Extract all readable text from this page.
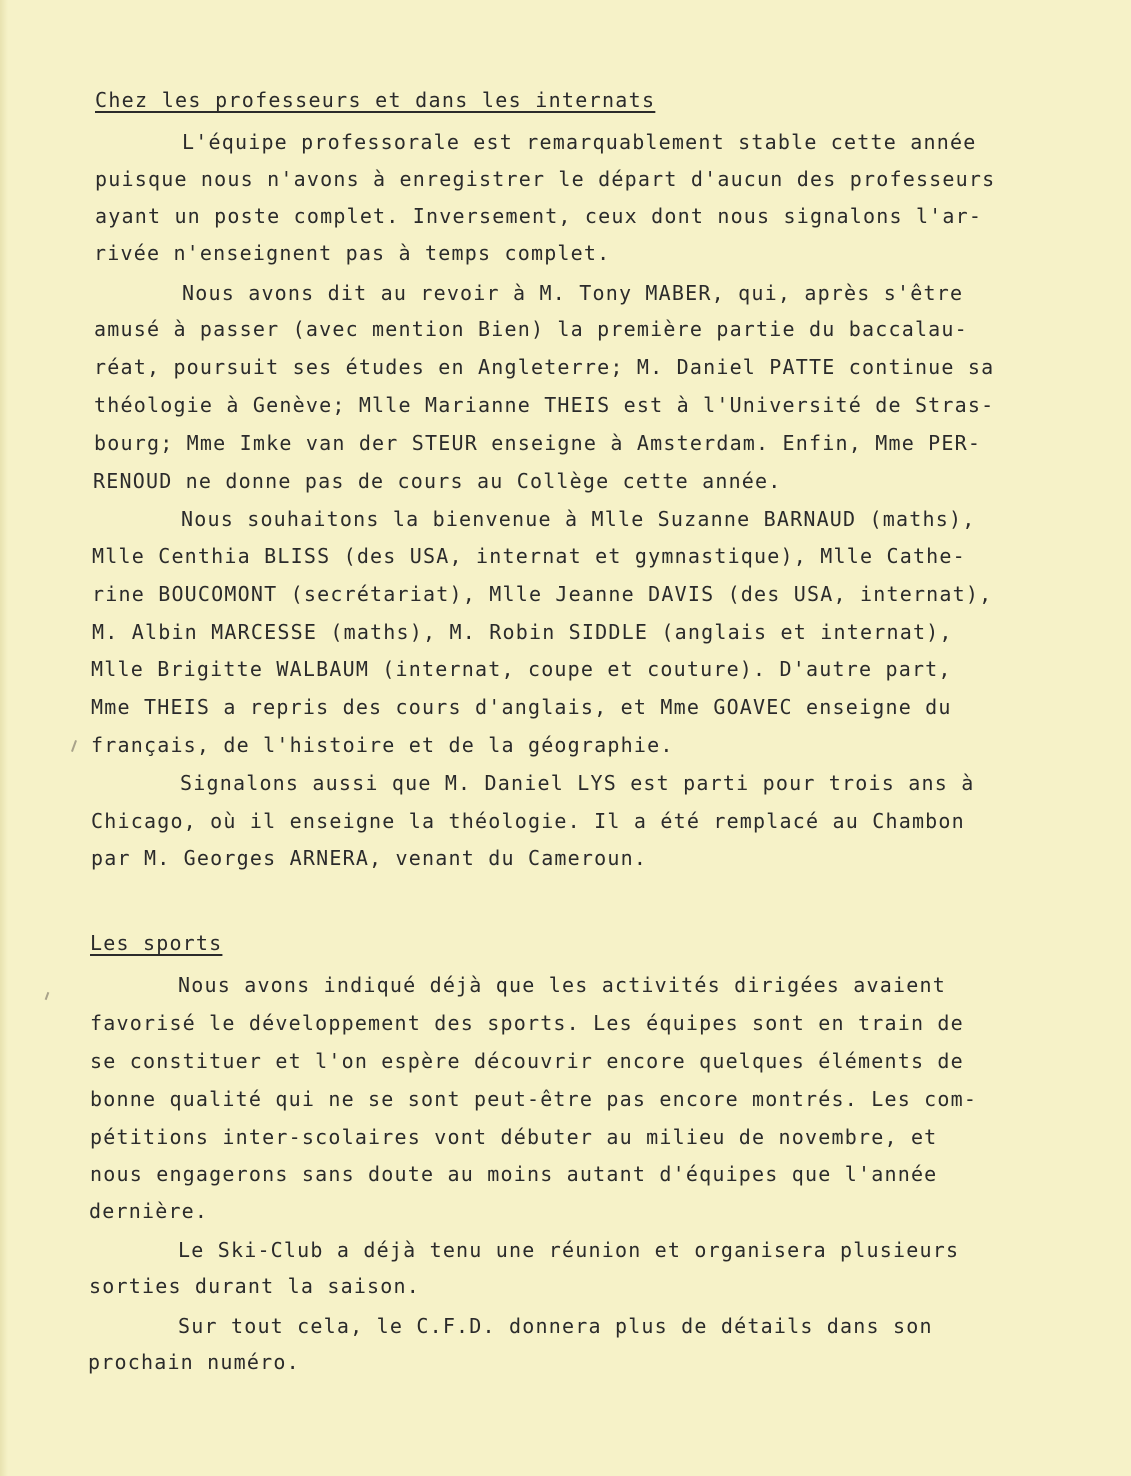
Chez les professeurs et dans les internats
L'équipe professorale est remarquablement stable cette année
puisque nous n'avons à enregistrer le départ d'aucun des professeurs
ayant un poste complet. Inversement, ceux dont nous signalons l'ar-
rivée n'enseignent pas à temps complet.
Nous avons dit au revoir à M. Tony MABER, qui, après s'être
amusé à passer (avec mention Bien) la première partie du baccalau-
réat, poursuit ses études en Angleterre; M. Daniel PATTE continue sa
théologie à Genève; Mlle Marianne THEIS est à l'Université de Stras-
bourg; Mme Imke van der STEUR enseigne à Amsterdam. Enfin, Mme PER-
RENOUD ne donne pas de cours au Collège cette année.
Nous souhaitons la bienvenue à Mlle Suzanne BARNAUD (maths),
Mlle Centhia BLISS (des USA, internat et gymnastique), Mlle Cathe-
rine BOUCOMONT (secrétariat), Mlle Jeanne DAVIS (des USA, internat),
M. Albin MARCESSE (maths), M. Robin SIDDLE (anglais et internat),
Mlle Brigitte WALBAUM (internat, coupe et couture). D'autre part,
Mme THEIS a repris des cours d'anglais, et Mme GOAVEC enseigne du
français, de l'histoire et de la géographie.
Signalons aussi que M. Daniel LYS est parti pour trois ans à
Chicago, où il enseigne la théologie. Il a été remplacé au Chambon
par M. Georges ARNERA, venant du Cameroun.
Les sports
Nous avons indiqué déjà que les activités dirigées avaient
favorisé le développement des sports. Les équipes sont en train de
se constituer et l'on espère découvrir encore quelques éléments de
bonne qualité qui ne se sont peut-être pas encore montrés. Les com-
pétitions inter-scolaires vont débuter au milieu de novembre, et
nous engagerons sans doute au moins autant d'équipes que l'année
dernière.
Le Ski-Club a déjà tenu une réunion et organisera plusieurs
sorties durant la saison.
Sur tout cela, le C.F.D. donnera plus de détails dans son
prochain numéro.
